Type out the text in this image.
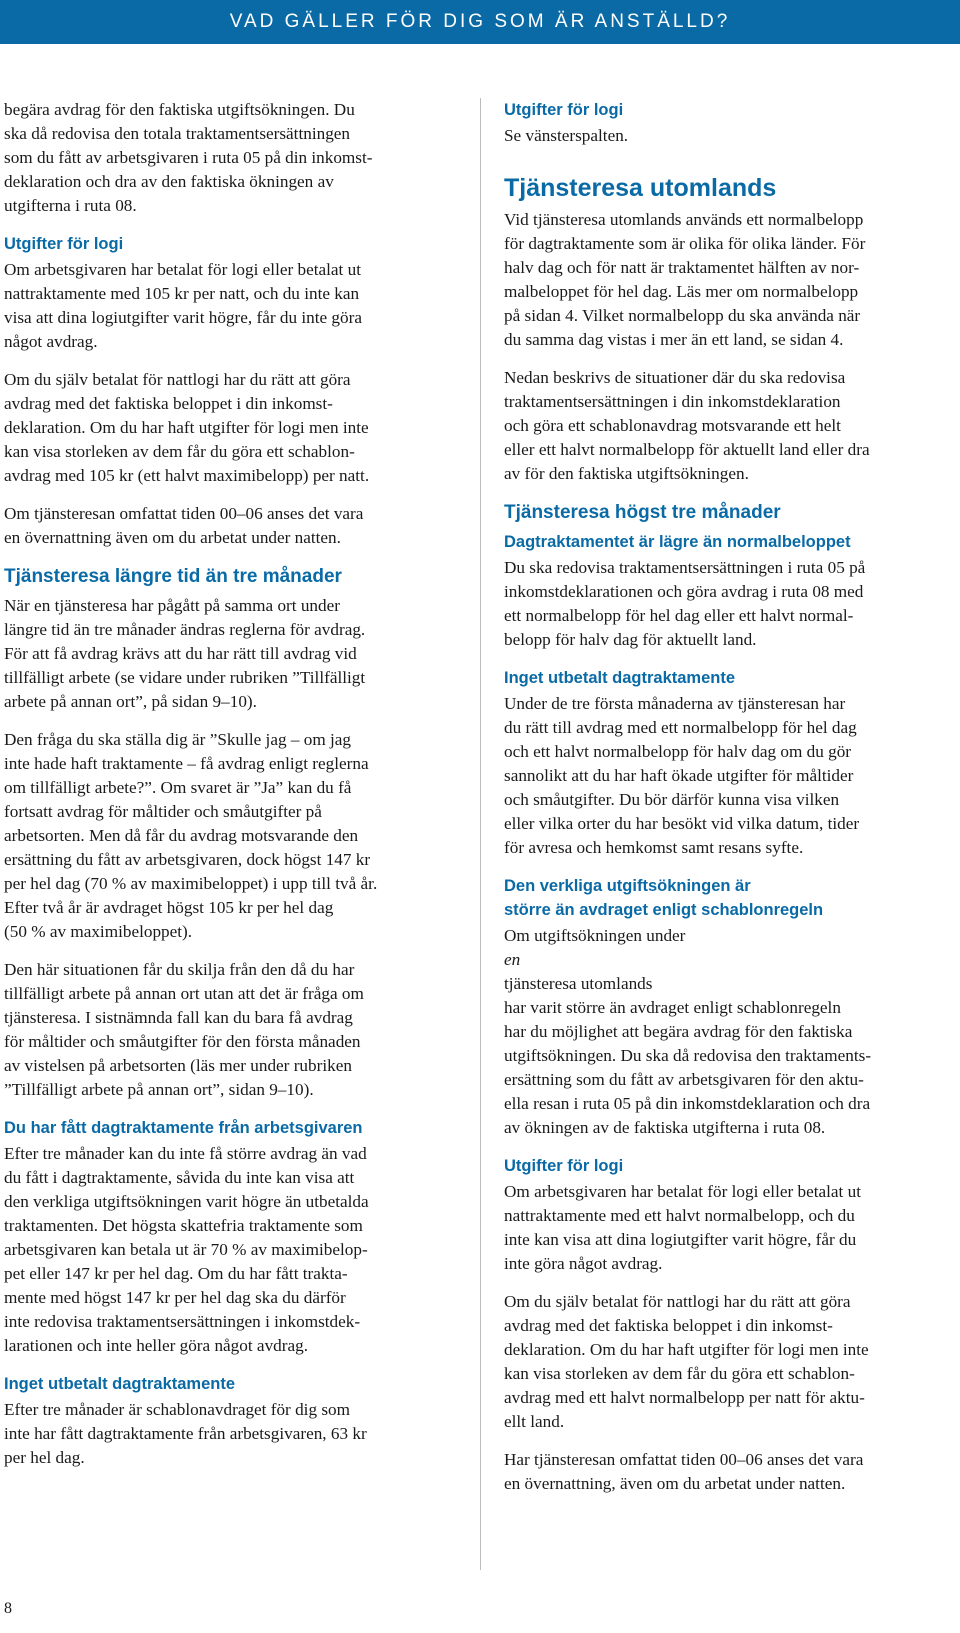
VAD GÄLLER FÖR DIG SOM ÄR ANSTÄLLD?

begära avdrag för den faktiska utgiftsökningen. Du
ska då redovisa den totala traktamentsersättningen
som du fått av arbetsgivaren i ruta 05 på din inkomst-
deklaration och dra av den faktiska ökningen av
utgifterna i ruta 08.

Utgifter för logi

Om arbetsgivaren har betalat för logi eller betalat ut
nattraktamente med 105 kr per natt, och du inte kan
visa att dina logiutgifter varit högre, får du inte göra
något avdrag.

Om du själv betalat för nattlogi har du rätt att göra
avdrag med det faktiska beloppet i din inkomst-
deklaration. Om du har haft utgifter för logi men inte
kan visa storleken av dem får du göra ett schablon-
avdrag med 105 kr (ett halvt maximibelopp) per natt.

Om tjänsteresan omfattat tiden 00–06 anses det vara
en övernattning även om du arbetat under natten.

Tjänsteresa längre tid än tre månader

När en tjänsteresa har pågått på samma ort under
längre tid än tre månader ändras reglerna för avdrag.
För att få avdrag krävs att du har rätt till avdrag vid
tillfälligt arbete (se vidare under rubriken ”Tillfälligt
arbete på annan ort”, på sidan 9–10).

Den fråga du ska ställa dig är ”Skulle jag – om jag
inte hade haft traktamente – få avdrag enligt reglerna
om tillfälligt arbete?”. Om svaret är ”Ja” kan du få
fortsatt avdrag för måltider och småutgifter på
arbetsorten. Men då får du avdrag motsvarande den
ersättning du fått av arbetsgivaren, dock högst 147 kr
per hel dag (70 % av maximibeloppet) i upp till två år.
Efter två år är avdraget högst 105 kr per hel dag
(50 % av maximibeloppet).

Den här situationen får du skilja från den då du har
tillfälligt arbete på annan ort utan att det är fråga om
tjänsteresa. I sistnämnda fall kan du bara få avdrag
för måltider och småutgifter för den första månaden
av vistelsen på arbetsorten (läs mer under rubriken
”Tillfälligt arbete på annan ort”, sidan 9–10).

Du har fått dagtraktamente från arbetsgivaren

Efter tre månader kan du inte få större avdrag än vad
du fått i dagtraktamente, såvida du inte kan visa att
den verkliga utgiftsökningen varit högre än utbetalda
traktamenten. Det högsta skattefria traktamente som
arbetsgivaren kan betala ut är 70 % av maximibelop-
pet eller 147 kr per hel dag. Om du har fått trakta-
mente med högst 147 kr per hel dag ska du därför
inte redovisa traktamentsersättningen i inkomstdek-
larationen och inte heller göra något avdrag.

Inget utbetalt dagtraktamente

Efter tre månader är schablonavdraget för dig som
inte har fått dagtraktamente från arbetsgivaren, 63 kr
per hel dag.

Utgifter för logi

Se vänsterspalten.

Tjänsteresa utomlands

Vid tjänsteresa utomlands används ett normalbelopp
för dagtraktamente som är olika för olika länder. För
halv dag och för natt är traktamentet hälften av nor-
malbeloppet för hel dag. Läs mer om normalbelopp
på sidan 4. Vilket normalbelopp du ska använda när
du samma dag vistas i mer än ett land, se sidan 4.

Nedan beskrivs de situationer där du ska redovisa
traktamentsersättningen i din inkomstdeklaration
och göra ett schablonavdrag motsvarande ett helt
eller ett halvt normalbelopp för aktuellt land eller dra
av för den faktiska utgiftsökningen.

Tjänsteresa högst tre månader
Dagtraktamentet är lägre än normalbeloppet

Du ska redovisa traktamentsersättningen i ruta 05 på
inkomstdeklarationen och göra avdrag i ruta 08 med
ett normalbelopp för hel dag eller ett halvt normal-
belopp för halv dag för aktuellt land.

Inget utbetalt dagtraktamente

Under de tre första månaderna av tjänsteresan har
du rätt till avdrag med ett normalbelopp för hel dag
och ett halvt normalbelopp för halv dag om du gör
sannolikt att du har haft ökade utgifter för måltider
och småutgifter. Du bör därför kunna visa vilken
eller vilka orter du har besökt vid vilka datum, tider
för avresa och hemkomst samt resans syfte.

Den verkliga utgiftsökningen är
större än avdraget enligt schablonregeln

Om utgiftsökningen under
en
tjänsteresa utomlands
har varit större än avdraget enligt schablonregeln
har du möjlighet att begära avdrag för den faktiska
utgiftsökningen. Du ska då redovisa den traktaments-
ersättning som du fått av arbetsgivaren för den aktu-
ella resan i ruta 05 på din inkomstdeklaration och dra
av ökningen av de faktiska utgifterna i ruta 08.

Utgifter för logi

Om arbetsgivaren har betalat för logi eller betalat ut
nattraktamente med ett halvt normalbelopp, och du
inte kan visa att dina logiutgifter varit högre, får du
inte göra något avdrag.

Om du själv betalat för nattlogi har du rätt att göra
avdrag med det faktiska beloppet i din inkomst-
deklaration. Om du har haft utgifter för logi men inte
kan visa storleken av dem får du göra ett schablon-
avdrag med ett halvt normalbelopp per natt för aktu-
ellt land.

Har tjänsteresan omfattat tiden 00–06 anses det vara
en övernattning, även om du arbetat under natten.

8
